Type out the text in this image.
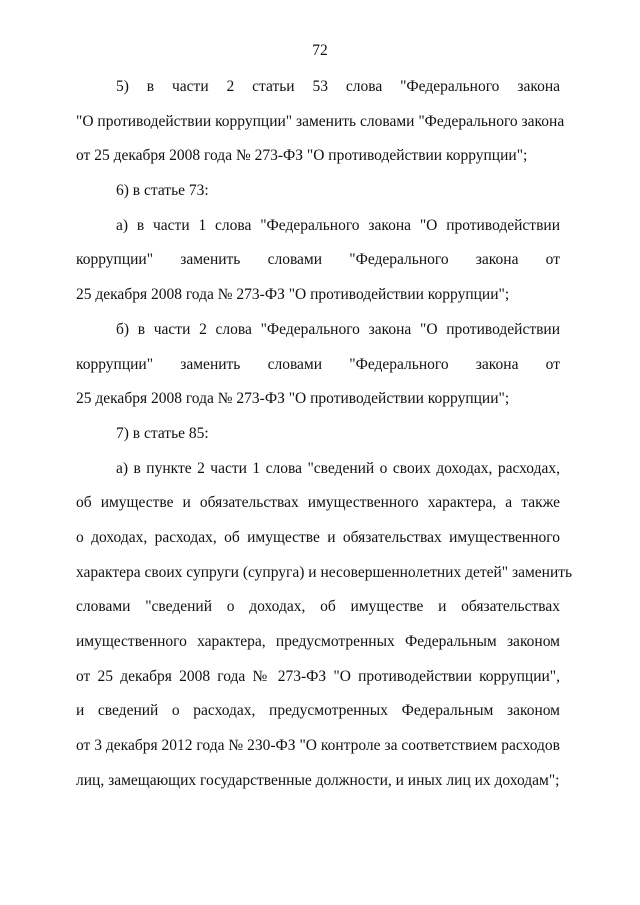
72
5) в части 2 статьи 53 слова "Федерального закона
"О противодействии коррупции" заменить словами "Федерального закона
от 25 декабря 2008 года № 273-ФЗ "О противодействии коррупции";
6) в статье 73:
а) в части 1 слова "Федерального закона "О противодействии
коррупции" заменить словами "Федерального закона от
25 декабря 2008 года № 273-ФЗ "О противодействии коррупции";
б) в части 2 слова "Федерального закона "О противодействии
коррупции" заменить словами "Федерального закона от
25 декабря 2008 года № 273-ФЗ "О противодействии коррупции";
7) в статье 85:
а) в пункте 2 части 1 слова "сведений о своих доходах, расходах,
об имуществе и обязательствах имущественного характера, а также
о доходах, расходах, об имуществе и обязательствах имущественного
характера своих супруги (супруга) и несовершеннолетних детей" заменить
словами "сведений о доходах, об имуществе и обязательствах
имущественного характера, предусмотренных Федеральным законом
от 25 декабря 2008 года № 273-ФЗ "О противодействии коррупции",
и сведений о расходах, предусмотренных Федеральным законом
от 3 декабря 2012 года № 230-ФЗ "О контроле за соответствием расходов
лиц, замещающих государственные должности, и иных лиц их доходам";
